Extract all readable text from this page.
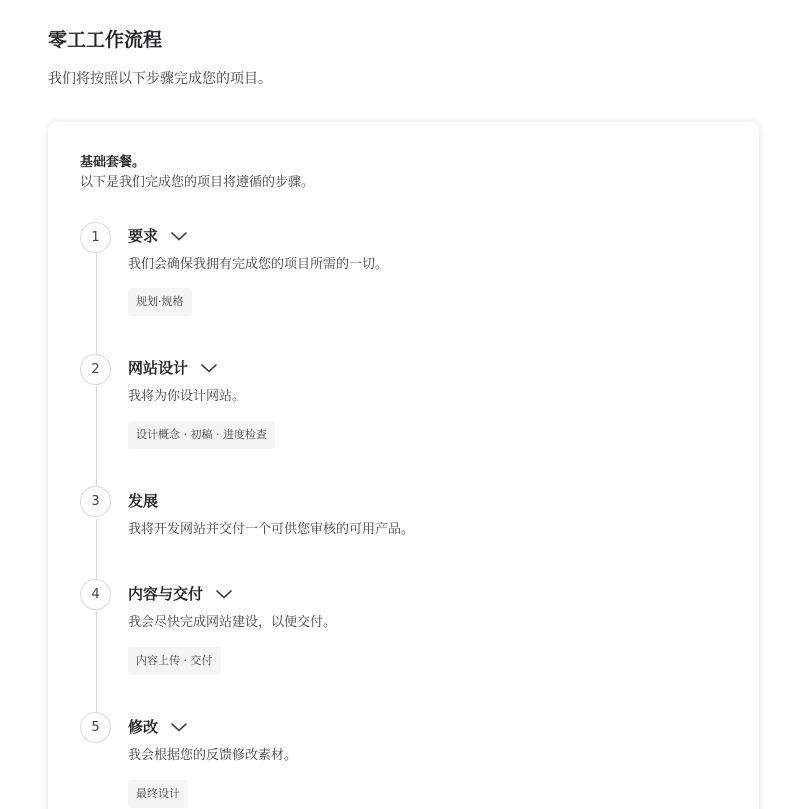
零工工作流程
我们将按照以下步骤完成您的项目。
基础套餐。
以下是我们完成您的项目将遵循的步骤。
1	要求
我们会确保我拥有完成您的项目所需的一切。
规划·规格
2	网站设计
我将为你设计网站。
设计概念 · 初稿 · 进度检查
3	发展
我将开发网站并交付一个可供您审核的可用产品。
4	内容与交付
我会尽快完成网站建设，以便交付。
内容上传 · 交付
5	修改
我会根据您的反馈修改素材。
最终设计
